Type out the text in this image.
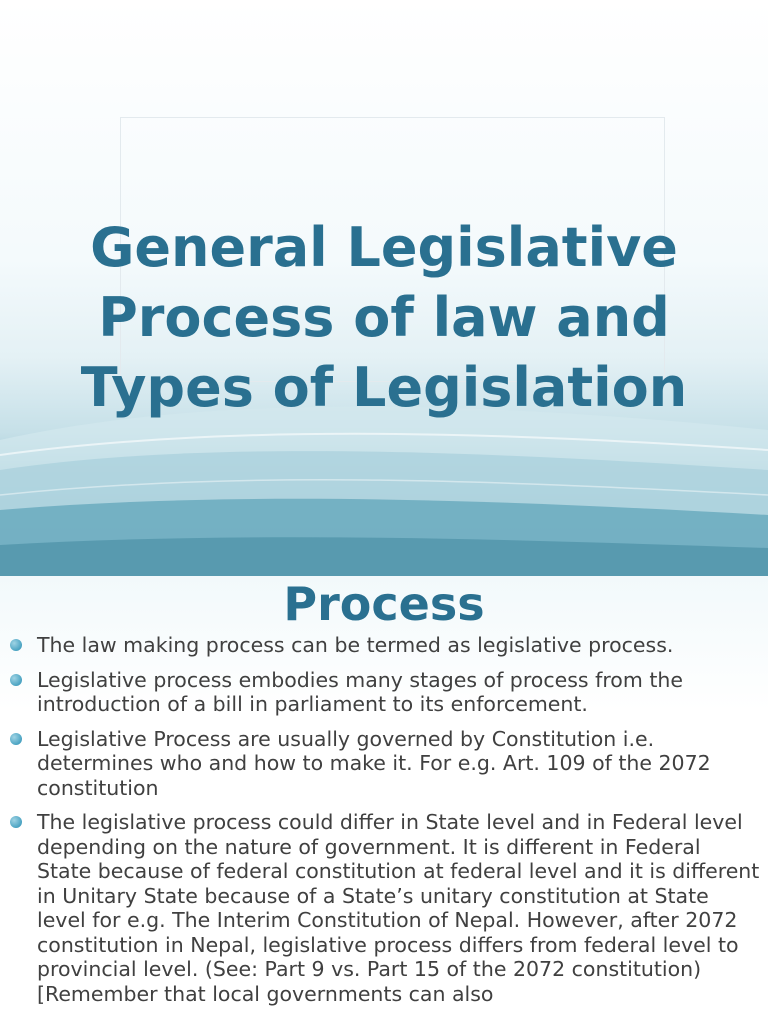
General Legislative
Process of law and
Types of Legislation
Process
The law making process can be termed as legislative process.
Legislative process embodies many stages of process from the introduction of a bill in parliament to its enforcement.
Legislative Process are usually governed by Constitution i.e. determines who and how to make it. For e.g. Art. 109 of the 2072 constitution
The legislative process could differ in State level and in Federal level depending on the nature of government. It is different in Federal State because of federal constitution at federal level and it is different in Unitary State because of a State’s unitary constitution at State level for e.g. The Interim Constitution of Nepal. However, after 2072 constitution in Nepal, legislative process differs from federal level to provincial level. (See: Part 9 vs. Part 15 of the 2072 constitution) [Remember that local governments can also
